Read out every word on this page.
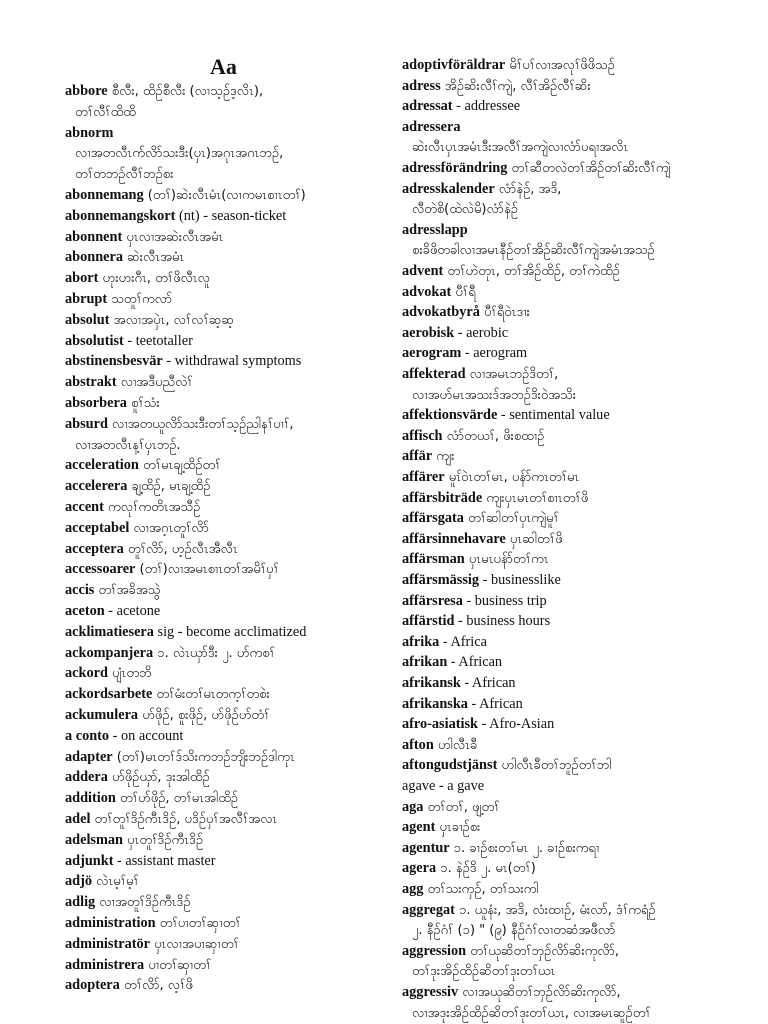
Aa
abbore စီလီး, ထိဉ်စီလီး (လၢသ့ဉ်ဒ့လိၤ),
တၢ်လီၢ်ထိထိ
abnorm
လၢအတလီၤက်လိာ်သးဒီး(ပှၤ)အဂုၤအဂၤဘဉ်,
တၢ်တဘဉ်လီၢ်ဘဉ်စး
abonnemang (တၢ်)ဆဲးလီၤမံၤ(လၢကမၤစၢၤတၢ်)
abonnemangskort (nt) - season-ticket
abonnent ပှၤလၢအဆဲးလီၤအမံၤ
abonnera ဆဲးလီၤအမံၤ
abort ဟုးဟးဂီၤ, တၢ်ဖိလီၤလူ
abrupt သတူၢ်ကလာ်
absolut အလၢအပှဲၤ, လၢ်လၢ်ဆ့ဆ့
absolutist - teetotaller
abstinensbesvär - withdrawal symptoms
abstrakt လၢအဒီပညီလဲၢ်
absorbera စူၢ်သံး
absurd လၢအတယူလိာ်သးဒီးတၢ်သ့ဉ်ညါနၢ်ပၢၢ်,
လၢအတလီၤန့ၢ်ပှၤဘဉ်.
acceleration တၢ်မၤချ့ထိဉ်တၢ်
accelerera ချ့ထိဉ်, မၤချ့ထိဉ်
accent ကလုၢ်ကတိၤအသီဉ်
acceptabel လၢအဂ့ၤတူၢ်လိာ်
acceptera တူၢ်လိာ်, ဟ့ဉ်လီၤအီလီၤ
accessoarer (တၢ်)လၢအမၤစၢၤတၢ်အမိၢ်ပှၢ်
accis တၢ်အခိအသွဲ
aceton - acetone
acklimatiesera sig - become acclimatized
ackompanjera ၁. လဲၤယှာ်ဒီး ၂. ဟ်ကစၢ်
ackord ပျံၤတဘိ
ackordsarbete တၢ်မံးတၢ်မၤတက့ၢ်တစဲး
ackumulera ဟ်ဖိုဉ်, စူးဖိုဉ်, ဟ်ဖိုဉ်ဟ်တံၢ်
a conto - on account
adapter (တၢ်)မၤတၢ်ဒ်သိးကဘဉ်ဘျိးဘဉ်ဒါကုၤ
addera ဟ်ဖိုဉ်ယှာ်, ဒုးအါထိဉ်
addition တၢ်ဟ်ဖိုဉ်, တၢ်မၤအါထိဉ်
adel တၢ်တူၢ်ဒိဉ်ကီၤဒိဉ်, ပဒိဉ်ပှၢ်အလီၢ်အလၤ
adelsman ပှၤတူၢ်ဒိဉ်ကီၤဒိဉ်
adjunkt - assistant master
adjö လဲၤမ့ၢ်မ့ၢ်
adlig လၢအတူၢ်ဒိဉ်ကီၤဒိဉ်
administration တၢ်ပၢတၢ်ဆှၢတၢ်
administratör ပှၤလၢအပၢဆှၢတၢ်
administrera ပၢတၢ်ဆှၢတၢ်
adoptera တၢ်လိာ်, လ့ၢ်ဖိ
adoptivföräldrar မိၢ်ပၢ်လၢအလုၢ်ဖိဖိသဉ်
adress အိဉ်ဆိးလီၢ်ကျဲ, လီၢ်အိဉ်လီၢ်ဆိး
adressat - addressee
adressera
ဆဲးလီၤပှၤအမံၤဒီးအလီၢ်အကျဲလၢလံာ်ပရၢအလိၤ
adressförändring တၢ်ဆီတလဲတၢ်အိဉ်တၢ်ဆိးလီၢ်ကျဲ
adresskalender လံာ်နဲဉ်, အဒိ,
လီတဲစိ(ထဲလဲမိ)လံာ်နဲဉ်
adresslapp
စးခိဖိတခါလၢအမၤနီဉ်တၢ်အိဉ်ဆိးလီၢ်ကျဲအမံၤအသဉ်
advent တၢ်ဟဲတုၤ, တၢ်အိဉ်ထိဉ်, တၢ်ကဲထိဉ်
advokat ပီၢ်ရီ
advokatbyrå ပီၢ်ရီဝဲၤဒၢး
aerobisk - aerobic
aerogram - aerogram
affekterad လၢအမၤဘဉ်ဒိတၢ်,
လၢအဟ်မၤအသးဒ်အဘဉ်ဒိးဝဲအသိး
affektionsvärde - sentimental value
affisch လံာ်တယၢ်, ဖိးစထၢဉ်
affär ကျး
affärer မူၤ်ဝဲၤတၢ်မၤ, ပန်ာ်ကၤတၢ်မၤ
affärsbiträde ကျးပှၤမၤတၢ်စၢၤတၢ်ဖိ
affärsgata တၢ်ဆါတၢ်ပှၤကျဲမူၢ်
affärsinnehavare ပှၤဆါတၢ်ဖိ
affärsman ပှၤမၤပန်ာ်တၢ်ကၤ
affärsmässig - businesslike
affärsresa - business trip
affärstid - business hours
afrika - Africa
afrikan - African
afrikansk - African
afrikanska - African
afro-asiatisk - Afro-Asian
afton ဟါလီၤခီ
aftongudstjänst ဟါလီၤခီတၢ်ဘူဉ်တၢ်ဘါ
agave - a gave
aga တၢ်တၢ်, ဖျ့တၢ်
agent ပှၤခၢဉ်စး
agentur ၁. ခၢဉ်စးတၢ်မၤ ၂. ခၢဉ်စးကရၢ
agera ၁. နဲဉ်ဒိ ၂. မၤ(တၢ်)
agg တၢ်သးကှဉ်, တၢ်သးကါ
aggregat ၁. ယူနံး, အဒိ, လံးထၢဉ်, မံးလာ်, ဒံၢ်ကရံဉ်
၂. နီဉ်ဂံၢ် (၁) " (၉) နီဉ်ဂံၢ်လၢတဆံအဖီလာ်
aggression တၢ်ယုဆိတၢ်ဘှဉ်လိာ်ဆိးကုလိာ်,
တၢ်ဒုးအိဉ်ထိဉ်ဆိတၢ်ဒုးတၢ်ယၤ
aggressiv လၢအယုဆိတၢ်ဘှဉ်လိာ်ဆိးကုလိာ်,
လၢအဒုးအိဉ်ထိဉ်ဆိတၢ်ဒုးတၢ်ယၤ, လၢအမၤဆူဉ်တၢ်
